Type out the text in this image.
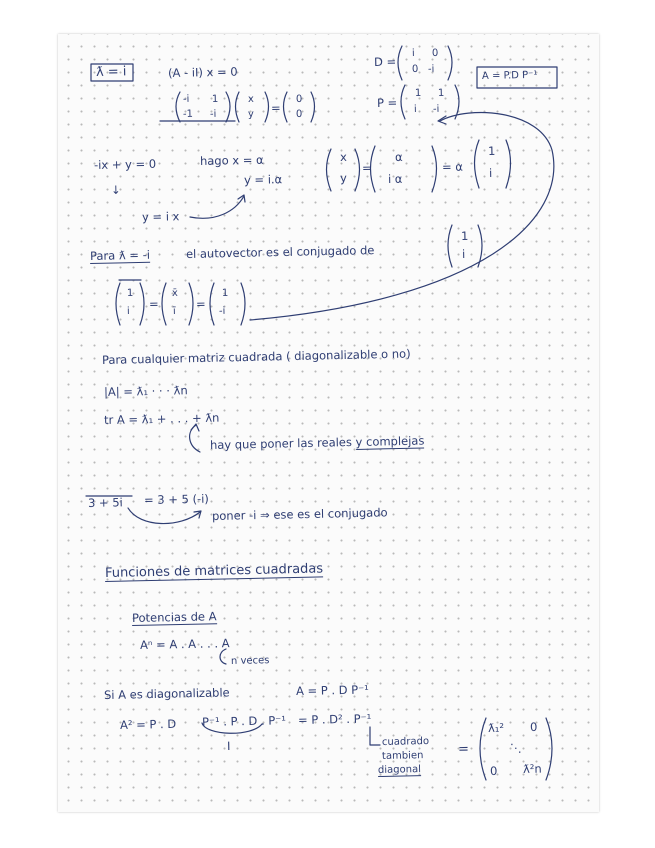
ƛ = i	(A - iI) x = 0
-i 1
-1 -i
x
y =
0
0
D =
i 0
0 -i
P =
1 1
i -i
A = P.D P⁻¹
-ix + y = 0	hago x = α
y = i.α
↓
y = i x
x
y
=
α
i α
= α
1
i
Para ƛ = -i	el autovector es el conjugado de
1
i
1
i
=
x̄
ī
=
1
-i
Para cualquier matriz cuadrada ( diagonalizable o no)
|A| = ƛ₁ · · · ƛn
tr A = ƛ₁ + . . . + ƛn
hay que poner las reales y complejas
3 + 5i = 3 + 5 (-i)
poner -i ⇒ ese es el conjugado
Funciones de matrices cuadradas
Potencias de A
Aⁿ = A . A . . . A
n veces
Si A es diagonalizable	A = P . D P⁻¹
A² = P . D P⁻¹ . P . D . P⁻¹ = P . D² . P⁻¹
I	cuadrado
tambien
diagonal
=
ƛ₁² 0
⋱
0 ƛ²n
